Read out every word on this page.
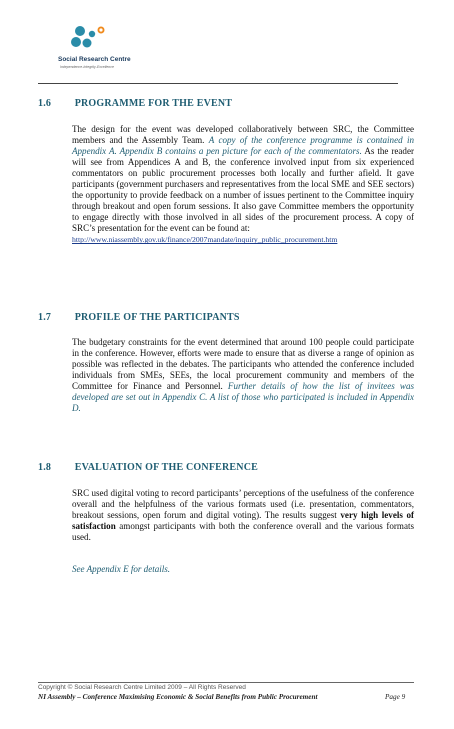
Social Research Centre
Independence-Integrity-Excellence
1.6 PROGRAMME FOR THE EVENT
The design for the event was developed collaboratively between SRC, the Committee members and the Assembly Team. A copy of the conference programme is contained in Appendix A. Appendix B contains a pen picture for each of the commentators. As the reader will see from Appendices A and B, the conference involved input from six experienced commentators on public procurement processes both locally and further afield. It gave participants (government purchasers and representatives from the local SME and SEE sectors) the opportunity to provide feedback on a number of issues pertinent to the Committee inquiry through breakout and open forum sessions. It also gave Committee members the opportunity to engage directly with those involved in all sides of the procurement process. A copy of SRC’s presentation for the event can be found at:
http://www.niassembly.gov.uk/finance/2007mandate/inquiry_public_procurement.htm
1.7 PROFILE OF THE PARTICIPANTS
The budgetary constraints for the event determined that around 100 people could participate in the conference. However, efforts were made to ensure that as diverse a range of opinion as possible was reflected in the debates. The participants who attended the conference included individuals from SMEs, SEEs, the local procurement community and members of the Committee for Finance and Personnel. Further details of how the list of invitees was developed are set out in Appendix C. A list of those who participated is included in Appendix D.
1.8 EVALUATION OF THE CONFERENCE
SRC used digital voting to record participants’ perceptions of the usefulness of the conference overall and the helpfulness of the various formats used (i.e. presentation, commentators, breakout sessions, open forum and digital voting). The results suggest very high levels of satisfaction amongst participants with both the conference overall and the various formats used.
See Appendix E for details.
Copyright © Social Research Centre Limited 2009 – All Rights Reserved
NI Assembly – Conference Maximising Economic & Social Benefits from Public Procurement	Page 9
